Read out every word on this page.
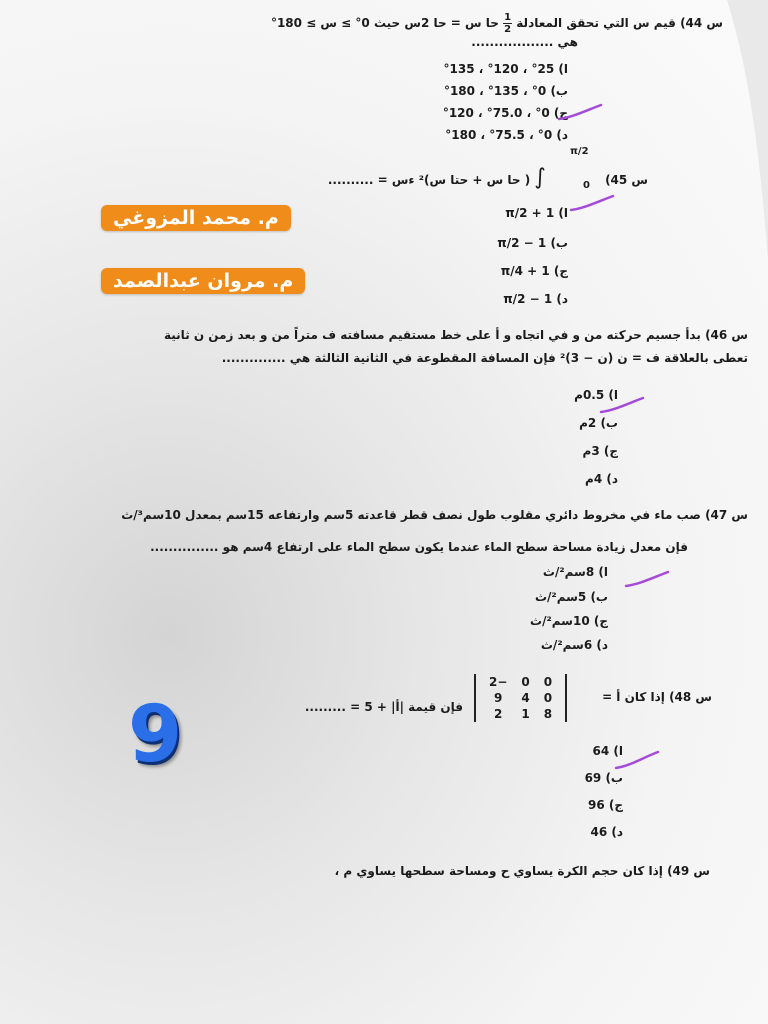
س 44) قيم س التي تحقق المعادلة
$\frac{1}{2}$
حا س = حا 2س حيث 0° ≥ س ≥ 180°
هي ..................
ا) 25° ، 120° ، 135°
ب) 0° ، 135° ، 180°
ج) 0° ، 75.0° ، 120°
د) 0° ، 75.5° ، 180°
س 45) ∫ ( حا س + حتا س)² ءس = ..........
π/2
0
ا) 1 + π/2
ب) 1 − π/2
ج) π/4 + 1
د) π/2 − 1
م. محمد المزوغي
م. مروان عبدالصمد
س 46) بدأ جسيم حركته من و في اتجاه و أ على خط مستقيم مسافته ف متراً من و بعد زمن ن ثانية
تعطى بالعلاقة ف = ن (ن − 3)² فإن المسافة المقطوعة في الثانية الثالثة هي ..............
ا) 0.5م
ب) 2م
ج) 3م
د) 4م
س 47) صب ماء في مخروط دائري مقلوب طول نصف قطر قاعدته 5سم وارتفاعه 15سم بمعدل 10سم³/ث
فإن معدل زيادة مساحة سطح الماء عندما يكون سطح الماء على ارتفاع 4سم هو ...............
ا) 8سم²/ث
ب) 5سم²/ث
ج) 10سم²/ث
د) 6سم²/ث
س 48) إذا كان أ =
2−	0	0
9	4	0
2	1	8
فإن قيمة |أ| + 5 = .........
ا) 64
ب) 69
ج) 96
د) 46
9
س 49) إذا كان حجم الكرة يساوي ح ومساحة سطحها يساوي م ،
